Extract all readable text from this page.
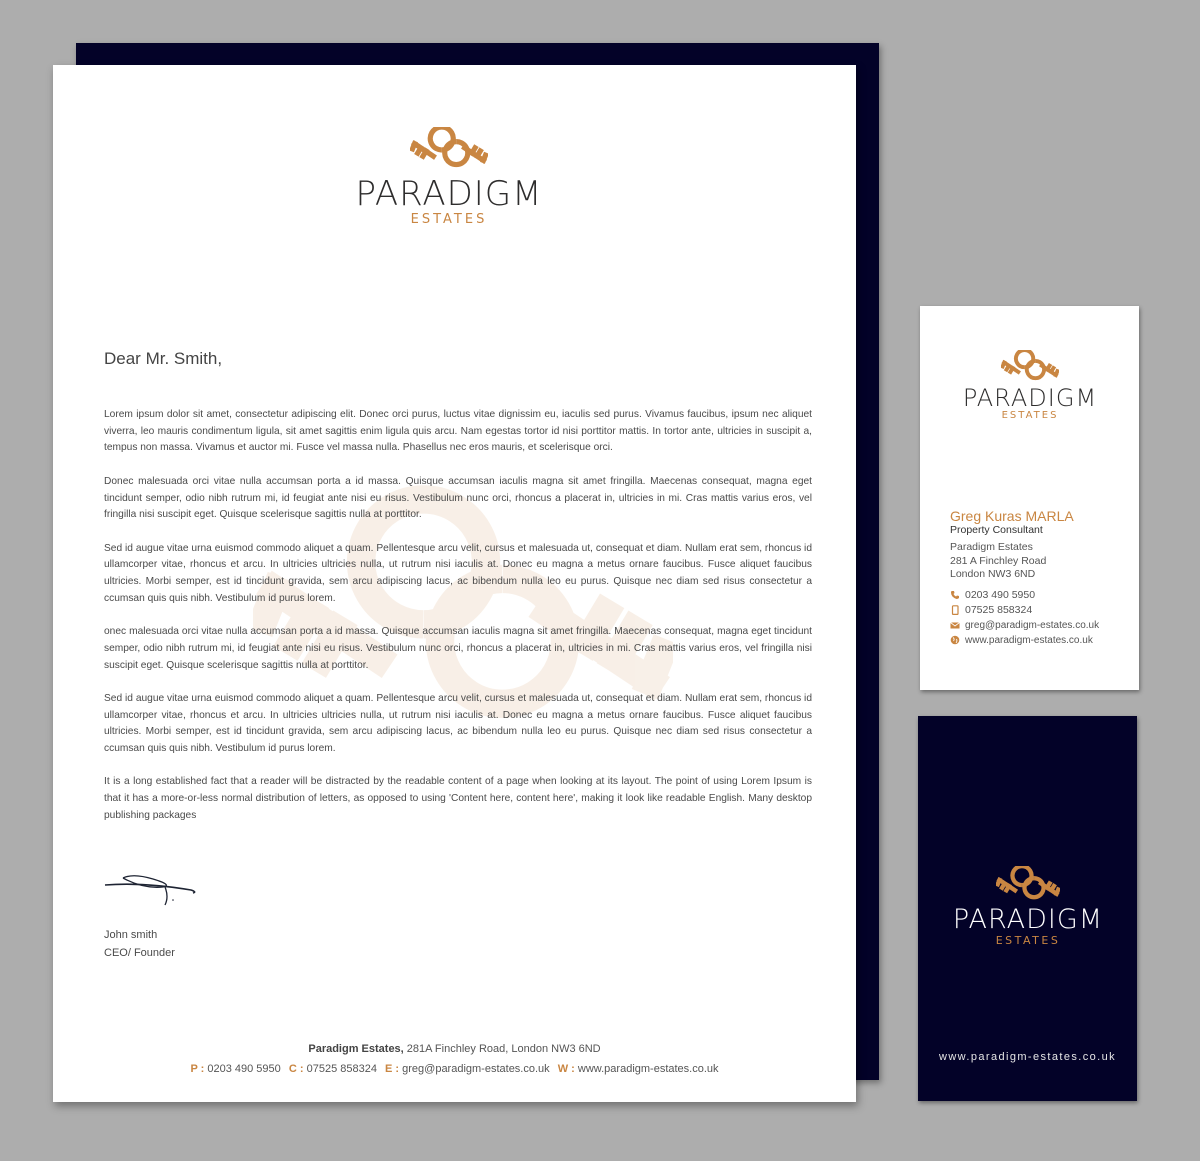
PARADIGM
ESTATES
Dear Mr. Smith,

Lorem ipsum dolor sit amet, consectetur adipiscing elit. Donec orci purus, luctus vitae dignissim eu, iaculis sed purus. Vivamus faucibus, ipsum nec aliquet viverra, leo mauris condimentum ligula, sit amet sagittis enim ligula quis arcu. Nam egestas tortor id nisi porttitor mattis. In tortor ante, ultricies in suscipit a, tempus non massa. Vivamus et auctor mi. Fusce vel massa nulla. Phasellus nec eros mauris, et scelerisque orci.

Donec malesuada orci vitae nulla accumsan porta a id massa. Quisque accumsan iaculis magna sit amet fringilla. Maecenas consequat, magna eget tincidunt semper, odio nibh rutrum mi, id feugiat ante nisi eu risus. Vestibulum nunc orci, rhoncus a placerat in, ultricies in mi. Cras mattis varius eros, vel fringilla nisi suscipit eget. Quisque scelerisque sagittis nulla at porttitor.

Sed id augue vitae urna euismod commodo aliquet a quam. Pellentesque arcu velit, cursus et malesuada ut, consequat et diam. Nullam erat sem, rhoncus id ullamcorper vitae, rhoncus et arcu. In ultricies ultricies nulla, ut rutrum nisi iaculis at. Donec eu magna a metus ornare faucibus. Fusce aliquet faucibus ultricies. Morbi semper, est id tincidunt gravida, sem arcu adipiscing lacus, ac bibendum nulla leo eu purus. Quisque nec diam sed risus consectetur a ccumsan quis quis nibh. Vestibulum id purus lorem.

onec malesuada orci vitae nulla accumsan porta a id massa. Quisque accumsan iaculis magna sit amet fringilla. Maecenas consequat, magna eget tincidunt semper, odio nibh rutrum mi, id feugiat ante nisi eu risus. Vestibulum nunc orci, rhoncus a placerat in, ultricies in mi. Cras mattis varius eros, vel fringilla nisi suscipit eget. Quisque scelerisque sagittis nulla at porttitor.

Sed id augue vitae urna euismod commodo aliquet a quam. Pellentesque arcu velit, cursus et malesuada ut, consequat et diam. Nullam erat sem, rhoncus id ullamcorper vitae, rhoncus et arcu. In ultricies ultricies nulla, ut rutrum nisi iaculis at. Donec eu magna a metus ornare faucibus. Fusce aliquet faucibus ultricies. Morbi semper, est id tincidunt gravida, sem arcu adipiscing lacus, ac bibendum nulla leo eu purus. Quisque nec diam sed risus consectetur a ccumsan quis quis nibh. Vestibulum id purus lorem.

It is a long established fact that a reader will be distracted by the readable content of a page when looking at its layout. The point of using Lorem Ipsum is that it has a more-or-less normal distribution of letters, as opposed to using 'Content here, content here', making it look like readable English. Many desktop publishing packages

John smith
CEO/ Founder
Paradigm Estates, 281A Finchley Road, London NW3 6ND
P : 0203 490 5950 C : 07525 858324 E : greg@paradigm-estates.co.uk W : www.paradigm-estates.co.uk
PARADIGM
ESTATES
Greg Kuras MARLA
Property Consultant
Paradigm Estates
281 A Finchley Road
London NW3 6ND
0203 490 5950
07525 858324
greg@paradigm-estates.co.uk
www.paradigm-estates.co.uk
PARADIGM
ESTATES
www.paradigm-estates.co.uk
